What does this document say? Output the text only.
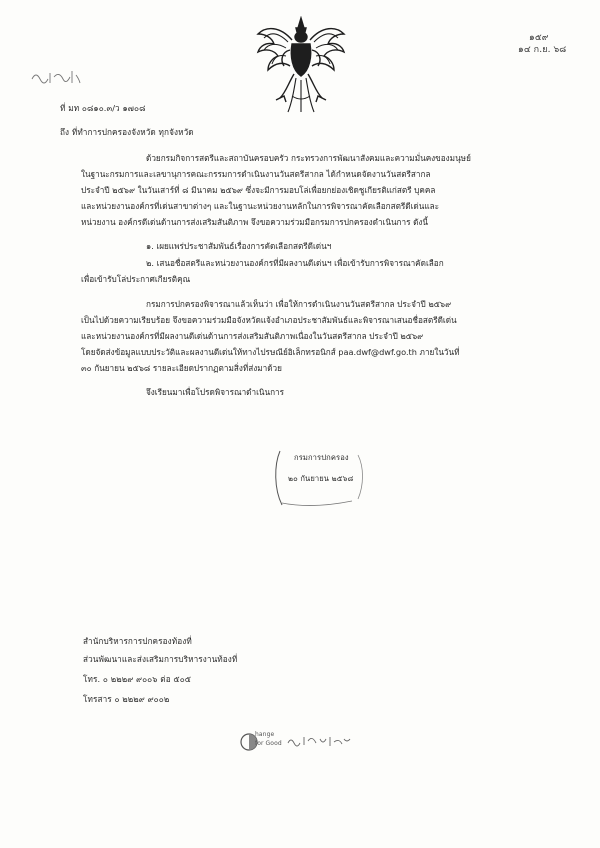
๑๕๙
๑๔ ก.ย. ๖๘
ที่ มท ๐๘๑๐.๓/ว ๑๗๐๘
ถึง ที่ทำการปกครองจังหวัด ทุกจังหวัด
ด้วยกรมกิจการสตรีและสถาบันครอบครัว กระทรวงการพัฒนาสังคมและความมั่นคงของมนุษย์
ในฐานะกรมการและเลขานุการคณะกรรมการดำเนินงานวันสตรีสากล ได้กำหนดจัดงานวันสตรีสากล
ประจำปี ๒๕๖๙ ในวันเสาร์ที่ ๘ มีนาคม ๒๕๖๙ ซึ่งจะมีการมอบโล่เพื่อยกย่องเชิดชูเกียรติแก่สตรี บุคคล
และหน่วยงานองค์กรที่เด่นสาขาต่างๆ และในฐานะหน่วยงานหลักในการพิจารณาคัดเลือกสตรีดีเด่นและ
หน่วยงาน องค์กรดีเด่นด้านการส่งเสริมสันติภาพ จึงขอความร่วมมือกรมการปกครองดำเนินการ ดังนี้
๑. เผยแพร่ประชาสัมพันธ์เรื่องการคัดเลือกสตรีดีเด่นฯ
๒. เสนอชื่อสตรีและหน่วยงานองค์กรที่มีผลงานดีเด่นฯ เพื่อเข้ารับการพิจารณาคัดเลือก
เพื่อเข้ารับโล่ประกาศเกียรติคุณ
กรมการปกครองพิจารณาแล้วเห็นว่า เพื่อให้การดำเนินงานวันสตรีสากล ประจำปี ๒๕๖๙
เป็นไปด้วยความเรียบร้อย จึงขอความร่วมมือจังหวัดแจ้งอำเภอประชาสัมพันธ์และพิจารณาเสนอชื่อสตรีดีเด่น
และหน่วยงานองค์กรที่มีผลงานดีเด่นด้านการส่งเสริมสันติภาพเนื่องในวันสตรีสากล ประจำปี ๒๕๖๙
โดยจัดส่งข้อมูลแบบประวัติและผลงานดีเด่นให้ทางไปรษณีย์อิเล็กทรอนิกส์ paa.dwf@dwf.go.th ภายในวันที่
๓๐ กันยายน ๒๕๖๘ รายละเอียดปรากฏตามสิ่งที่ส่งมาด้วย
จึงเรียนมาเพื่อโปรดพิจารณาดำเนินการ
กรมการปกครอง
๒๐ กันยายน ๒๕๖๘
สำนักบริหารการปกครองท้องที่
ส่วนพัฒนาและส่งเสริมการบริหารงานท้องที่
โทร. ๐ ๒๒๒๙ ๙๐๐๖ ต่อ ๕๐๕
โทรสาร ๐ ๒๒๒๙ ๙๐๐๒
hange
for Good
